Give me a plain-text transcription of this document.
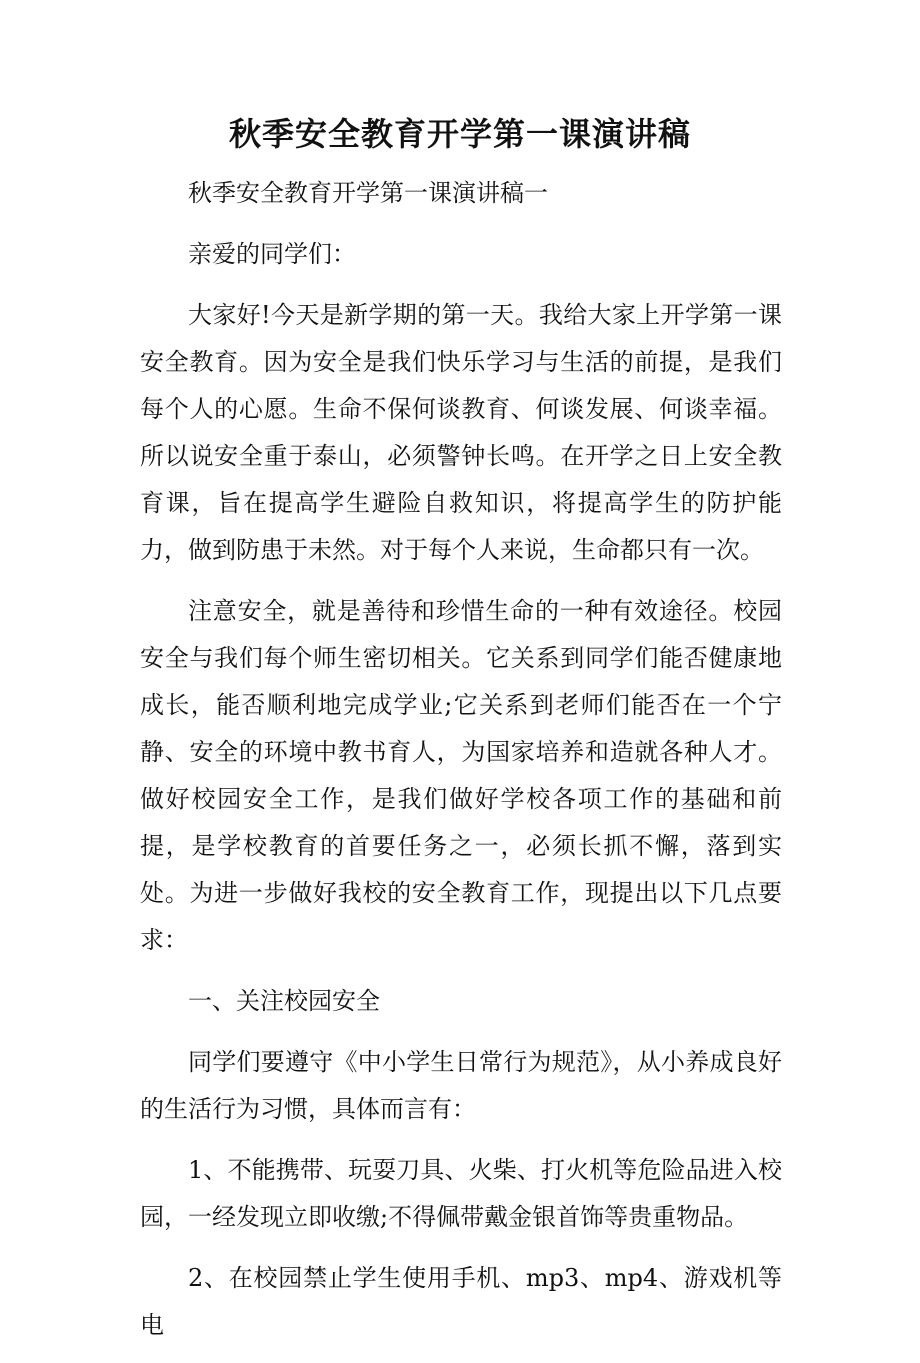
秋季安全教育开学第一课演讲稿

秋季安全教育开学第一课演讲稿一

亲爱的同学们：

大家好!今天是新学期的第一天。我给大家上开学第一课安全教育。因为安全是我们快乐学习与生活的前提，是我们每个人的心愿。生命不保何谈教育、何谈发展、何谈幸福。所以说安全重于泰山，必须警钟长鸣。在开学之日上安全教育课，旨在提高学生避险自救知识，将提高学生的防护能力，做到防患于未然。对于每个人来说，生命都只有一次。

注意安全，就是善待和珍惜生命的一种有效途径。校园安全与我们每个师生密切相关。它关系到同学们能否健康地成长，能否顺利地完成学业;它关系到老师们能否在一个宁静、安全的环境中教书育人，为国家培养和造就各种人才。做好校园安全工作，是我们做好学校各项工作的基础和前提，是学校教育的首要任务之一，必须长抓不懈，落到实处。为进一步做好我校的安全教育工作，现提出以下几点要求：

一、关注校园安全

同学们要遵守《中小学生日常行为规范》，从小养成良好的生活行为习惯，具体而言有：

1、不能携带、玩耍刀具、火柴、打火机等危险品进入校园，一经发现立即收缴;不得佩带戴金银首饰等贵重物品。

2、在校园禁止学生使用手机、mp3、mp4、游戏机等电
